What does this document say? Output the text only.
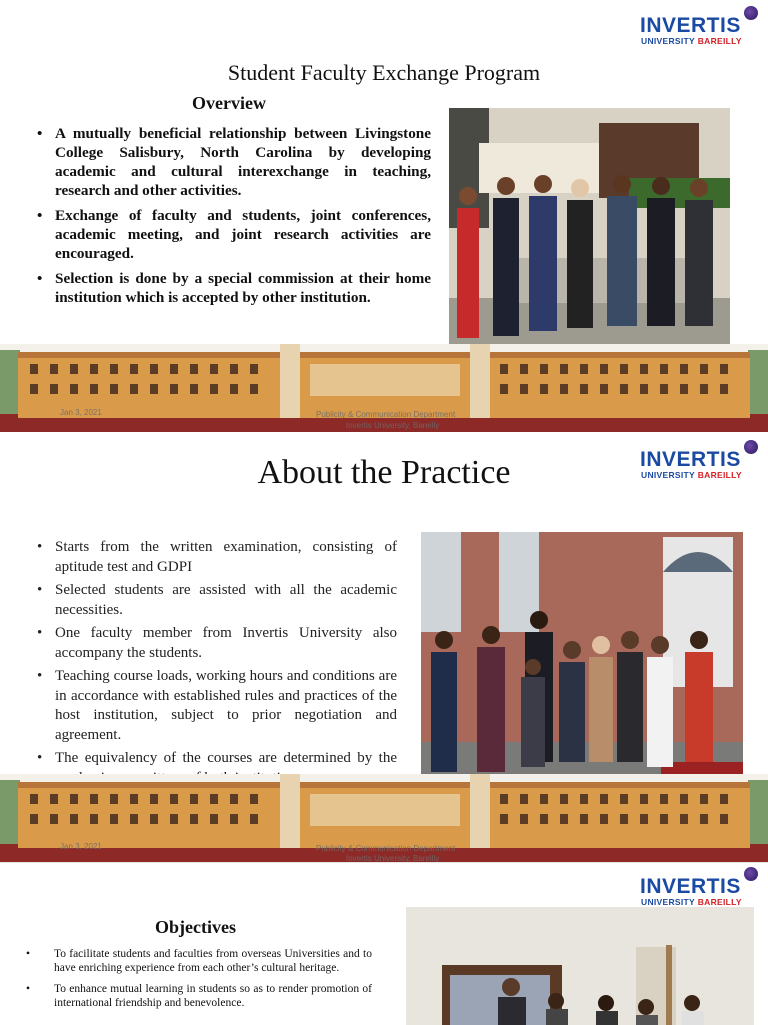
INVERTIS
UNIVERSITY BAREILLY
Student Faculty Exchange Program
Overview
• A mutually beneficial relationship between Livingstone College Salisbury, North Carolina by developing academic and cultural interexchange in teaching, research and other activities.
• Exchange of faculty and students, joint conferences, academic meeting, and joint research activities are encouraged.
• Selection is done by a special commission at their home institution which is accepted by other institution.
Jan 3, 2021	Publicity & Communication Department
Invertis University, Bareilly
INVERTIS
UNIVERSITY BAREILLY
About the Practice
• Starts from the written examination, consisting of aptitude test and GDPI
• Selected students are assisted with all the academic necessities.
• One faculty member from Invertis University also accompany the students.
• Teaching course loads, working hours and conditions are in accordance with established rules and practices of the host institution, subject to prior negotiation and agreement.
• The equivalency of the courses are determined by the
Jan 3, 2021	Publicity & Communication Department
Invertis University, Bareilly
INVERTIS
UNIVERSITY BAREILLY
Objectives
• To facilitate students and faculties from overseas Universities and to have enriching experience from each other’s cultural heritage.
• To enhance mutual learning in students so as to render promotion of international friendship and benevolence.
